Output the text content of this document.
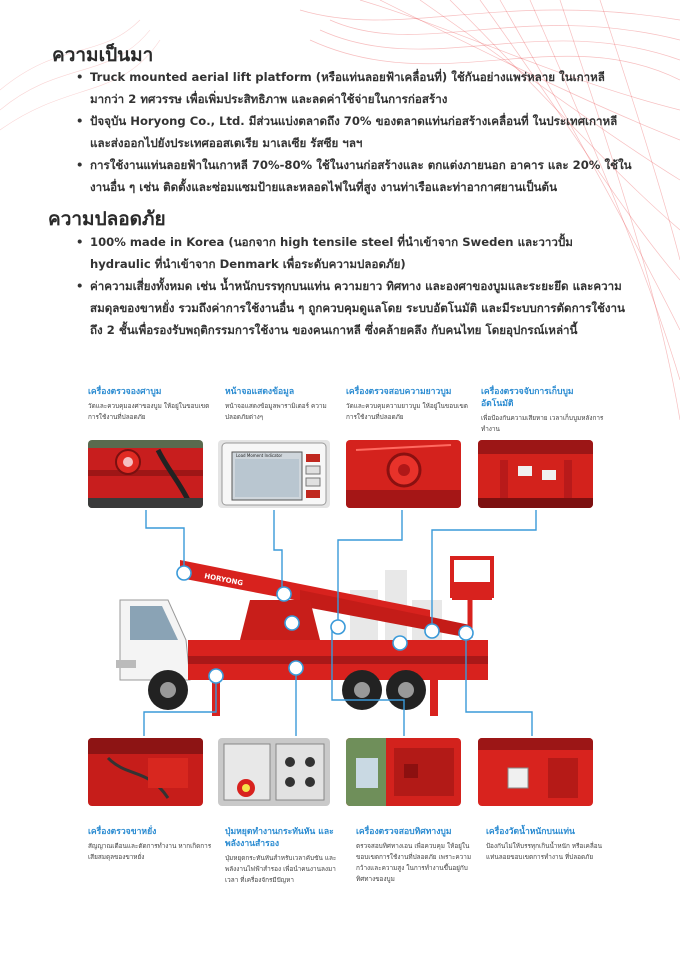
ความเป็นมา
• Truck mounted aerial lift platform (หรือแท่นลอยฟ้าเคลื่อนที่) ใช้กันอย่างแพร่หลาย ในเกาหลีมากว่า 2 ทศวรรษ เพื่อเพิ่มประสิทธิภาพ และลดค่าใช้จ่ายในการก่อสร้าง
• ปัจจุบัน Horyong Co., Ltd. มีส่วนแบ่งตลาดถึง 70% ของตลาดแท่นก่อสร้างเคลื่อนที่ ในประเทศเกาหลี และส่งออกไปยังประเทศออสเตเรีย มาเลเซีย รัสซีย ฯลฯ
• การใช้งานแท่นลอยฟ้าในเกาหลี 70%-80% ใช้ในงานก่อสร้างและ ตกแต่งภายนอก อาคาร และ 20% ใช้ในงานอื่น ๆ เช่น ติดตั้งและซ่อมแซมป้ายและหลอดไฟในที่สูง งานท่าเรือและท่าอากาศยานเป็นต้น
ความปลอดภัย
• 100% made in Korea (นอกจาก high tensile steel ที่นำเข้าจาก Sweden และวาวปั้ม hydraulic ที่นำเข้าจาก Denmark เพื่อระดับความปลอดภัย)
• ค่าความเสี่ยงทั้งหมด เช่น น้ำหนักบรรทุกบนแท่น ความยาว ทิศทาง และองศาของบูมและระยะยึด และความสมดุลของขาหยั่ง รวมถึงค่าการใช้งานอื่น ๆ ถูกควบคุมดูแลโดย ระบบอัตโนมัติ และมีระบบการตัดการใช้งานถึง 2 ชั้นเพื่อรองรับพฤติกรรมการใช้งาน ของคนเกาหลี ซึ่งคล้ายคลึง กับคนไทย โดยอุปกรณ์เหล่านี้
เครื่องตรวจองศาบูม
วัดและควบคุมองศาของบูม ให้อยู่ในขอบเขตการใช้งานที่ปลอดภัย
หน้าจอแสดงข้อมูล
หน้าจอแสดงข้อมูลพารามิเตอร์ ความปลอดภัยต่างๆ
เครื่องตรวจสอบความยาวบูม
วัดและควบคุมความยาวบูม ให้อยู่ในขอบเขตการใช้งานที่ปลอดภัย
เครื่องตรวจจับการเก็บบูมอัตโนมัติ
เพื่อป้องกันความเสียหาย เวลาเก็บบูมหลังการทำงาน
Load Moment Indicator
HORYONG
เครื่องตรวจขาหยั่ง
สัญญาณเตือนและตัดการทำงาน หากเกิดการเสียสมดุลของขาหยั่ง
ปุ่มหยุดทำงานกระทันหัน และพลังงานสำรอง
ปุ่มหยุดกระทันหันสำหรับเวลาคับขัน และพลังงานไฟฟ้าสำรอง เพื่อนำคนงานลงมาเวลา ที่เครื่องจักรมีปัญหา
เครื่องตรวจสอบทิศทางบูม
ตรวจสอบทิศทางเอน เพื่อควบคุม ให้อยู่ในขอบเขตการใช้งานที่ปลอดภัย เพราะความกว้างและความสูง ในการทำงานขึ้นอยู่กับทิศทางของบูม
เครื่องวัดน้ำหนักบนแท่น
ป้องกันไม่ให้บรรทุกเกินน้ำหนัก หรือเคลื่อนแท่นลอยขอบเขตการทำงาน ที่ปลอดภัย
